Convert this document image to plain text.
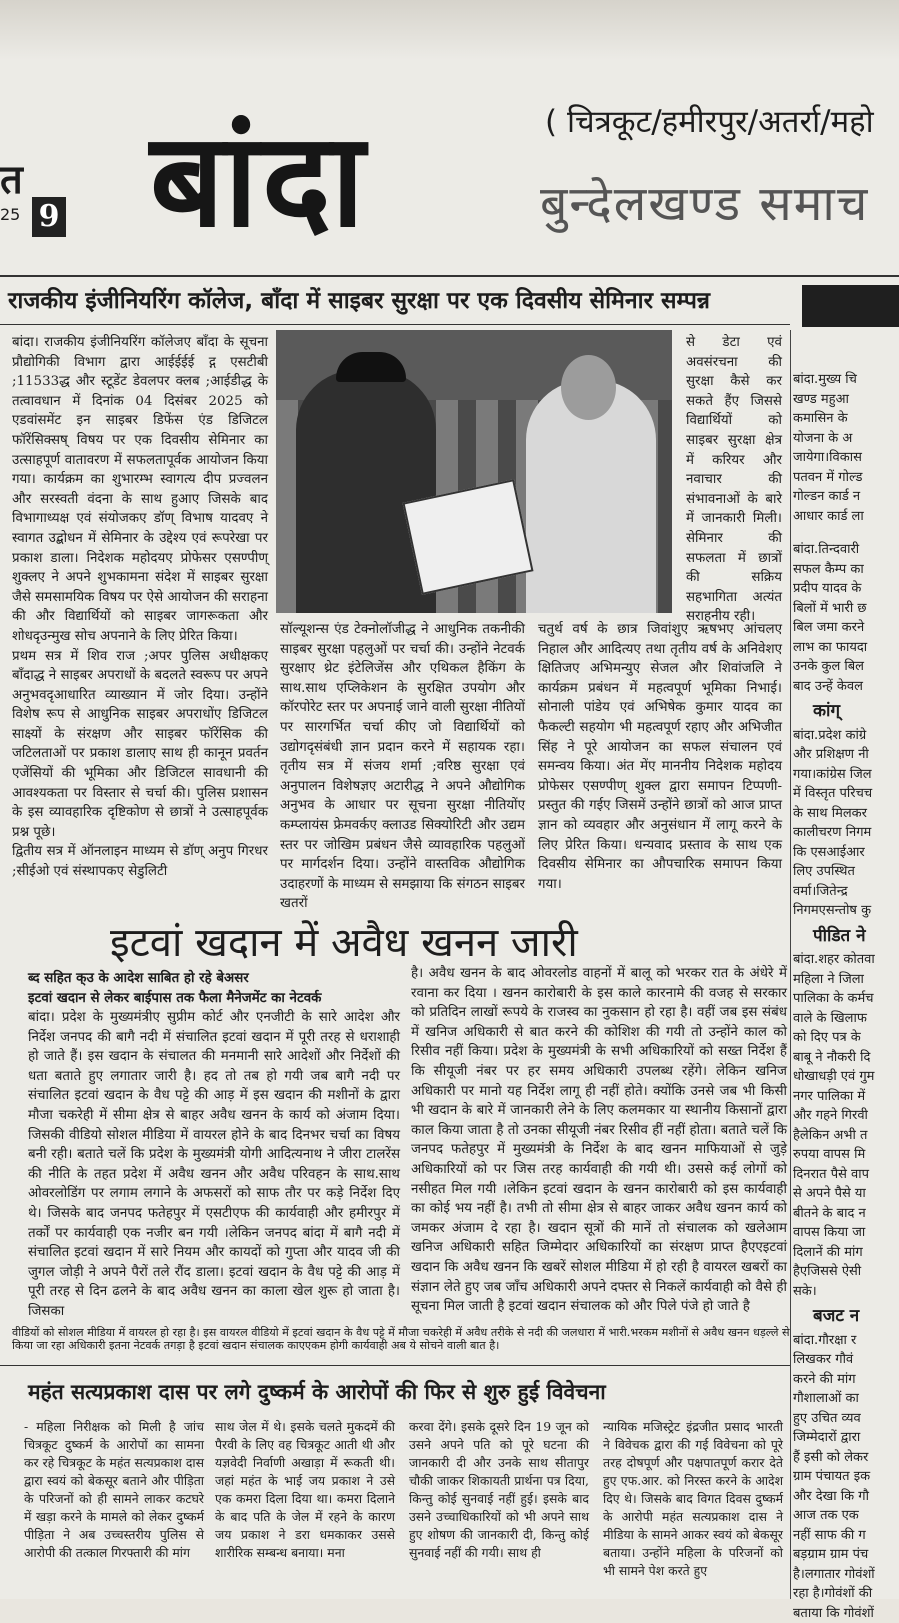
त
25 9 बांदा	( चित्रकूट/हमीरपुर/अतर्रा/महो
बुन्देलखण्ड समाच
राजकीय इंजीनियरिंग कॉलेज, बाँदा में साइबर सुरक्षा पर एक दिवसीय सेमिनार सम्पन्न

बांदा। राजकीय इंजीनियरिंग कॉलेजए बाँदा के सूचना प्रौद्योगिकी विभाग द्वारा आईईईई द्ग एसटीबी ;11533द्ध और स्टूडेंट डेवलपर क्लब ;आईडीद्ध के तत्वावधान में दिनांक 04 दिसंबर 2025 को एडवांसमेंट इन साइबर डिफेंस एंड डिजिटल फॉरेंसिक्सष् विषय पर एक दिवसीय सेमिनार का उत्साहपूर्ण वातावरण में सफलतापूर्वक आयोजन किया गया। कार्यक्रम का शुभारम्भ स्वागत्य दीप प्रज्वलन और सरस्वती वंदना के साथ हुआए जिसके बाद विभागाध्यक्ष एवं संयोजकए डॉण् विभाष यादवए ने स्वागत उद्बोधन में सेमिनार के उद्देश्य एवं रूपरेखा पर प्रकाश डाला। निदेशक महोदयए प्रोफेसर एसण्पीण् शुक्लए ने अपने शुभकामना संदेश में साइबर सुरक्षा जैसे समसामयिक विषय पर ऐसे आयोजन की सराहना की और विद्यार्थियों को साइबर जागरूकता और शोधदृउन्मुख सोच अपनाने के लिए प्रेरित किया।

प्रथम सत्र में शिव राज ;अपर पुलिस अधीक्षकए बाँदाद्ध ने साइबर अपराधों के बदलते स्वरूप पर अपने अनुभवदृआधारित व्याख्यान में जोर दिया। उन्होंने विशेष रूप से आधुनिक साइबर अपराधोंए डिजिटल साक्ष्यों के संरक्षण और साइबर फॉरेंसिक की जटिलताओं पर प्रकाश डालाए साथ ही कानून प्रवर्तन एजेंसियों की भूमिका और डिजिटल सावधानी की आवश्यकता पर विस्तार से चर्चा की। पुलिस प्रशासन के इस व्यावहारिक दृष्टिकोण से छात्रों ने उत्साहपूर्वक प्रश्न पूछे।

द्वितीय सत्र में ऑनलाइन माध्यम से डॉण् अनुप गिरधर ;सीईओ एवं संस्थापकए सेडुलिटी

सॉल्यूशन्स एंड टेक्नोलॉजीद्ध ने आधुनिक तकनीकी साइबर सुरक्षा पहलुओं पर चर्चा की। उन्होंने नेटवर्क सुरक्षाए थ्रेट इंटेलिजेंस और एथिकल हैकिंग के साथ.साथ एप्लिकेशन के सुरक्षित उपयोग और कॉरपोरेट स्तर पर अपनाई जाने वाली सुरक्षा नीतियों पर सारगर्भित चर्चा कीए जो विद्यार्थियों को उद्योगदृसंबंधी ज्ञान प्रदान करने में सहायक रहा।तृतीय सत्र में संजय शर्मा ;वरिष्ठ सुरक्षा एवं अनुपालन विशेषज्ञए अटारीद्ध ने अपने औद्योगिक अनुभव के आधार पर सूचना सुरक्षा नीतियोंए कम्प्लायंस फ्रेमवर्कए क्लाउड सिक्योरिटी और उद्यम स्तर पर जोखिम प्रबंधन जैसे व्यावहारिक पहलुओं पर मार्गदर्शन दिया। उन्होंने वास्तविक औद्योगिक उदाहरणों के माध्यम से समझाया कि संगठन साइबर खतरों

से डेटा एवं अवसंरचना की सुरक्षा कैसे कर सकते हैंए जिससे विद्यार्थियों को साइबर सुरक्षा क्षेत्र में करियर और नवाचार की संभावनाओं के बारे में जानकारी मिली। सेमिनार की सफलता में छात्रों की सक्रिय सहभागिता अत्यंत सराहनीय रही।

चतुर्थ वर्ष के छात्र जिवांशुए ऋषभए आंचलए निहाल और आदित्यए तथा तृतीय वर्ष के अनिवेशए क्षितिजए अभिमन्युए सेजल और शिवांजलि ने कार्यक्रम प्रबंधन में महत्वपूर्ण भूमिका निभाई। सोनाली पांडेय एवं अभिषेक कुमार यादव का फैकल्टी सहयोग भी महत्वपूर्ण रहाए और अभिजीत सिंह ने पूरे आयोजन का सफल संचालन एवं समन्वय किया। अंत मेंए माननीय निदेशक महोदय प्रोफेसर एसण्पीण् शुक्ल द्वारा समापन टिप्पणी-प्रस्तुत की गईए जिसमें उन्होंने छात्रों को आज प्राप्त ज्ञान को व्यवहार और अनुसंधान में लागू करने के लिए प्रेरित किया। धन्यवाद प्रस्ताव के साथ एक दिवसीय सेमिनार का औपचारिक समापन किया गया।

इटवां खदान में अवैध खनन जारी
ब्द सहित क्उ के आदेश साबित हो रहे बेअसर
इटवां खदान से लेकर बाईपास तक फैला मैनेजमेंट का नेटवर्क

बांदा। प्रदेश के मुख्यमंत्रीए सुप्रीम कोर्ट और एनजीटी के सारे आदेश और निर्देश जनपद की बागै नदी में संचालित इटवां खदान में पूरी तरह से धराशाही हो जाते हैं। इस खदान के संचालत की मनमानी सारे आदेशों और निर्देशों की धता बताते हुए लगातार जारी है। हद तो तब हो गयी जब बागै नदी पर संचालित इटवां खदान के वैध पट्टे की आड़ में इस खदान की मशीनों के द्वारा मौजा चकरेही में सीमा क्षेत्र से बाहर अवैध खनन के कार्य को अंजाम दिया। जिसकी वीडियो सोशल मीडिया में वायरल होने के बाद दिनभर चर्चा का विषय बनी रही। बताते चलें कि प्रदेश के मुख्यमंत्री योगी आदित्यनाथ ने जीरा टालरेंस की नीति के तहत प्रदेश में अवैध खनन और अवैध परिवहन के साथ.साथ ओवरलोडिंग पर लगाम लगाने के अफसरों को साफ तौर पर कड़े निर्देश दिए थे। जिसके बाद जनपद फतेहपुर में एसटीएफ की कार्यवाही और हमीरपुर में तर्कों पर कार्यवाही एक नजीर बन गयी ।लेकिन जनपद बांदा में बागै नदी में संचालित इटवां खदान में सारे नियम और कायदों को गुप्ता और यादव जी की जुगल जोड़ी ने अपने पैरों तले रौंद डाला। इटवां खदान के वैध पट्टे की आड़ में पूरी तरह से दिन ढलने के बाद अवैध खनन का काला खेल शुरू हो जाता है। जिसका

है। अवैध खनन के बाद ओवरलोड वाहनों में बालू को भरकर रात के अंधेरे में रवाना कर दिया । खनन कारोबारी के इस काले कारनामे की वजह से सरकार को प्रतिदिन लाखों रूपये के राजस्व का नुकसान हो रहा है। वहीं जब इस संबंध में खनिज अधिकारी से बात करने की कोशिश की गयी तो उन्होंने काल को रिसीव नहीं किया। प्रदेश के मुख्यमंत्री के सभी अधिकारियों को सख्त निर्देश हैं कि सीयूजी नंबर पर हर समय अधिकारी उपलब्ध रहेंगे। लेकिन खनिज अधिकारी पर मानो यह निर्देश लागू ही नहीं होते। क्योंकि उनसे जब भी किसी भी खदान के बारे में जानकारी लेने के लिए कलमकार या स्थानीय किसानों द्वारा काल किया जाता है तो उनका सीयूजी नंबर रिसीव हीं नहीं होता। बताते चलें कि जनपद फतेहपुर में मुख्यमंत्री के निर्देश के बाद खनन माफियाओं से जुड़े अधिकारियों को पर जिस तरह कार्यवाही की गयी थी। उससे कई लोगों को नसीहत मिल गयी ।लेकिन इटवां खदान के खनन कारोबारी को इस कार्यवाही का कोई भय नहीं है। तभी तो सीमा क्षेत्र से बाहर जाकर अवैध खनन कार्य को जमकर अंजाम दे रहा है। खदान सूत्रों की मानें तो संचालक को खलेआम खनिज अधिकारी सहित जिम्मेदार अधिकारियों का संरक्षण प्राप्त हैएएइटवां खदान कि अवैध खनन कि खबरें सोशल मीडिया में हो रही है वायरल खबरों का संज्ञान लेते हुए जब जाँच अधिकारी अपने दफ्तर से निकलें कार्यवाही को वैसे ही सूचना मिल जाती है इटवां खदान संचालक को और पिले पंजे हो जाते है

वीडियों को सोशल मीडिया में वायरल हो रहा है। इस वायरल वीडियो में इटवां खदान के वैध पट्टे में मौजा चकरेही में अवैध तरीके से नदी की जलधारा में भारी.भरकम मशीनों से अवैध खनन धड़ल्ले से किया जा रहा अधिकारी इतना नेटवर्क तगड़ा है इटवां खदान संचालक काएएकम होगी कार्यवाही अब ये सोचने वाली बात है।
महंत सत्यप्रकाश दास पर लगे दुष्कर्म के आरोपों की फिर से शुरु हुई विवेचना

- महिला निरीक्षक को मिली है जांच चित्रकूट दुष्कर्म के आरोपों का सामना कर रहे चित्रकूट के महंत सत्यप्रकाश दास द्वारा स्वयं को बेकसूर बताने और पीड़िता के परिजनों को ही सामने लाकर कटघरे में खड़ा करने के मामले को लेकर दुष्कर्म पीड़िता ने अब उच्चस्तरीय पुलिस से आरोपी की तत्काल गिरफ्तारी की मांग

साथ जेल में थे। इसके चलते मुकदमें की पैरवी के लिए वह चित्रकूट आती थी और यज्ञवेदी निर्वाणी अखाड़ा में रूकती थी। जहां महंत के भाई जय प्रकाश ने उसे एक कमरा दिला दिया था। कमरा दिलाने के बाद पति के जेल में रहने के कारण जय प्रकाश ने डरा धमकाकर उससे शारीरिक सम्बन्ध बनाया। मना

करवा देंगे। इसके दूसरे दिन 19 जून को उसने अपने पति को पूरे घटना की जानकारी दी और उनके साथ सीतापुर चौकी जाकर शिकायती प्रार्थना पत्र दिया, किन्तु कोई सुनवाई नहीं हुई। इसके बाद उसने उच्चाधिकारियों को भी अपने साथ हुए शोषण की जानकारी दी, किन्तु कोई सुनवाई नहीं की गयी। साथ ही

न्यायिक मजिस्ट्रेट इंद्रजीत प्रसाद भारती ने विवेचक द्वारा की गई विवेचना को पूरे तरह दोषपूर्ण और पक्षपातपूर्ण करार देते हुए एफ.आर. को निरस्त करने के आदेश दिए थे। जिसके बाद विगत दिवस दुष्कर्म के आरोपी महंत सत्यप्रकाश दास ने मीडिया के सामने आकर स्वयं को बेकसूर बताया। उन्होंने महिला के परिजनों को भी सामने पेश करते हुए

बांदा.मुख्य चि
खण्ड महुआ
कमासिन के
योजना के अ
जायेगा।विकास
पतवन में गोल्ड
गोल्डन कार्ड न
आधार कार्ड ला
बांदा.तिन्दवारी
सफल कैम्प का
प्रदीप यादव के
बिलों में भारी छ
बिल जमा करने
लाभ का फायदा
उनके कुल बिल
बाद उन्हें केवल
कांग्
बांदा.प्रदेश कांग्रे
और प्रशिक्षण नी
गया।कांग्रेस जिल
में विस्तृत परिचच
के साथ मिलकर
कालीचरण निगम
कि एसआईआर
लिए उपस्थित
वर्मा।जितेन्द्र
निगमएसन्तोष कु
पीडित ने
बांदा.शहर कोतवा
महिला ने जिला
पालिका के कर्मच
वाले के खिलाफ
को दिए पत्र के
बाबू ने नौकरी दि
धोखाधड़ी एवं गुम
नगर पालिका में
और गहने गिरवी
हैलेकिन अभी त
रुपया वापस मि
दिनरात पैसे वाप
से अपने पैसे या
बीतने के बाद न
वापस किया जा
दिलानें की मांग
हैएजिससे ऐसी
सके।
बजट न
बांदा.गौरक्षा र
लिखकर गौवं
करने की मांग
गौशालाओं का
हुए उचित व्यव
जिम्मेदारों द्वारा
हैं इसी को लेकर
ग्राम पंचायत इक
और देखा कि गौ
आज तक एक
नहीं साफ की ग
बड़ग्राम ग्राम पंच
है।लगातार गोवंशों
रहा है।गोवंशों की
बताया कि गोवंशों
